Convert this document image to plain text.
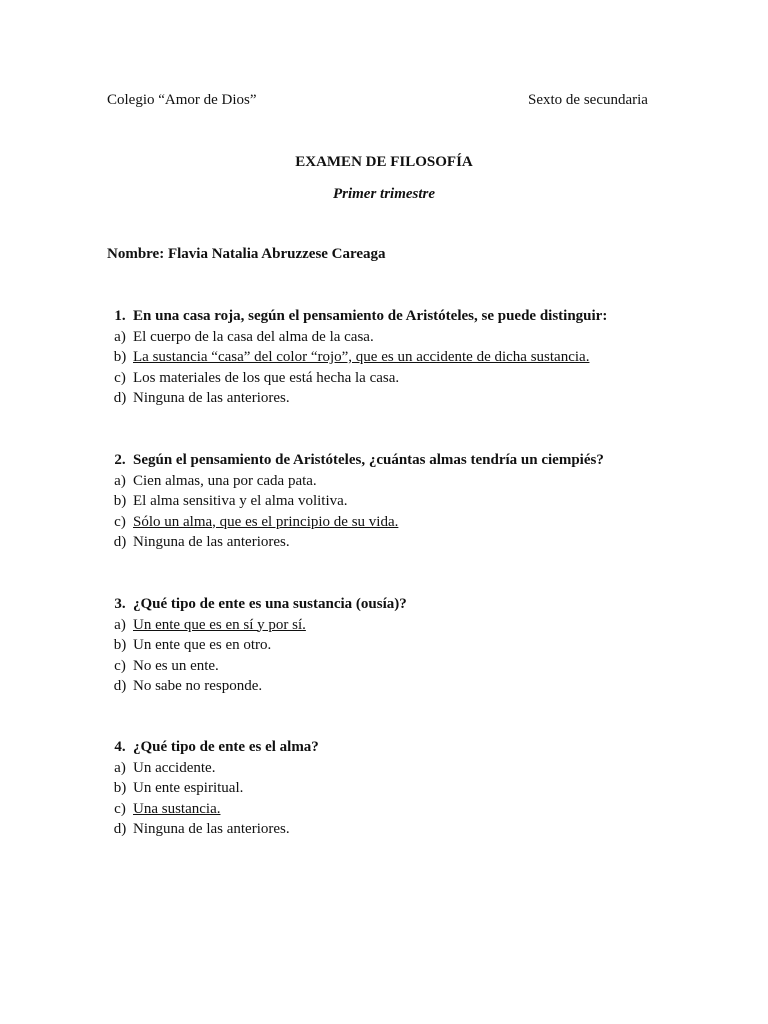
Colegio “Amor de Dios”	Sexto de secundaria
EXAMEN DE FILOSOFÍA
Primer trimestre
Nombre: Flavia Natalia Abruzzese Careaga
1. En una casa roja, según el pensamiento de Aristóteles, se puede distinguir:
a) El cuerpo de la casa del alma de la casa.
b) La sustancia “casa” del color “rojo”, que es un accidente de dicha sustancia.
c) Los materiales de los que está hecha la casa.
d) Ninguna de las anteriores.
2. Según el pensamiento de Aristóteles, ¿cuántas almas tendría un ciempiés?
a) Cien almas, una por cada pata.
b) El alma sensitiva y el alma volitiva.
c) Sólo un alma, que es el principio de su vida.
d) Ninguna de las anteriores.
3. ¿Qué tipo de ente es una sustancia (ousía)?
a) Un ente que es en sí y por sí.
b) Un ente que es en otro.
c) No es un ente.
d) No sabe no responde.
4. ¿Qué tipo de ente es el alma?
a) Un accidente.
b) Un ente espiritual.
c) Una sustancia.
d) Ninguna de las anteriores.
